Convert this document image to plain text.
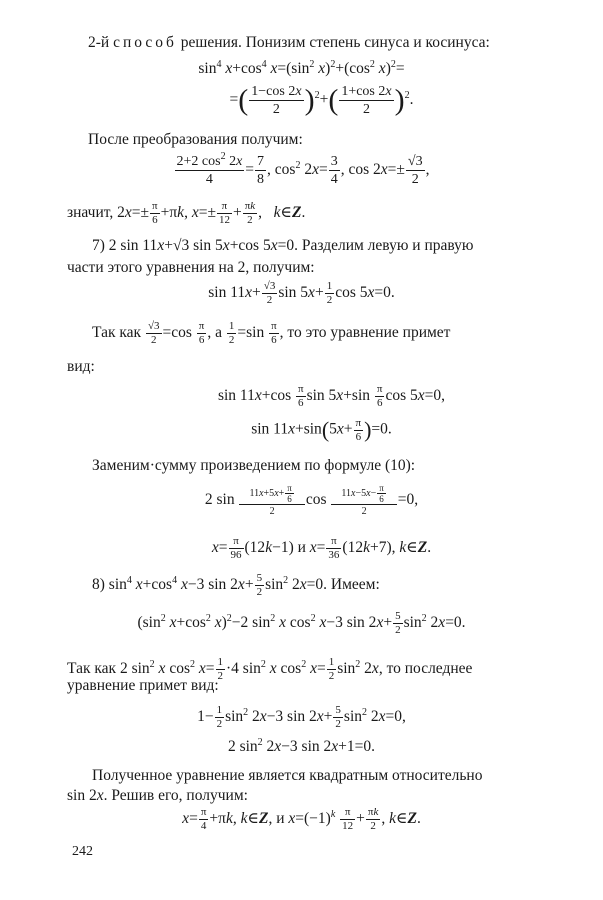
2-й способ решения. Понизим степень синуса и косинуса:
$\sin^4 x+\cos^4$ $x=(\sin^2$ $x)^2+(\cos^2$ x)$^2$=
=( $\frac{1-\cos 2x}{2} )^2+( \frac{1+\cos 2x}{2} )^2$.
После преобразования получим:
$\frac{2+2 \cos^2 2x}{4} = \frac{7}{8}$ , $\cos^2 2x= \frac{3}{4}$ , $\cos 2x=\pm \frac{√3}{2}$ ,
значит, $2x=\pm \frac{\pi}{6} +\pi k$, $x=\pm \frac{\pi}{12} + \frac{\pi k}{2}$ ,   k∈Z.
7) 2 sin 11x+√3 sin 5x+cos 5x=0. Разделим левую и правую
части этого уравнения на 2, получим:
$\sin 11x+ \frac{√3}{2}$ $\sin 5x+ \frac{1}{2}$ cos 5x=0.
Так как $\frac{√3}{2} =\cos \frac{\pi}{6}$ , а $\frac{1}{2} =\sin \frac{\pi}{6}$ , то это уравнение примет
вид:
$\sin 11x+\cos \frac{\pi}{6}$ $\sin 5x+\sin \frac{\pi}{6}$ cos 5x=0,
$\sin 11x+\sin(5x+ \frac{\pi}{6} )=0$.
Заменим·сумму произведением по формуле (10):
2 $\sin \frac{11x+5x+ \frac{\pi}{6}}{2}$ $\cos \frac{11x-5x- \frac{\pi}{6}}{2} =0$,
$x= \frac{\pi}{96} (12k-1)$ и $x= \frac{\pi}{36} (12k+7)$, k∈Z.
8) $\sin^4 x+\cos^4$ x−3 $\sin 2x+ \frac{5}{2} \sin^2 2x=0$. Имеем:
($\sin^2$ $x+\cos^2$ x)$^2$−2 $\sin^2 x$ $\cos^2 x-3$ $\sin 2x+ \frac{5}{2} \sin^2 2x=0$.
Так как 2 $\sin^2 x$ $\cos^2 x= \frac{1}{2} \cdot 4$ $\sin^2 x$ $\cos^2 x= \frac{1}{2} \sin^2 2x$, то последнее
уравнение примет вид:
$1- \frac{1}{2} \sin^2 2x-3$ $\sin 2x+ \frac{5}{2} \sin^2 2x=0$,
2 $\sin^2 2x-3$ sin 2x+1=0.
Полученное уравнение является квадратным относительно
sin 2x. Решив его, получим:
$x= \frac{\pi}{4} +\pi k$, k∈Z, и $x=(-1)^k \frac{\pi}{12} + \frac{\pi k}{2}$ , k∈Z.
242
